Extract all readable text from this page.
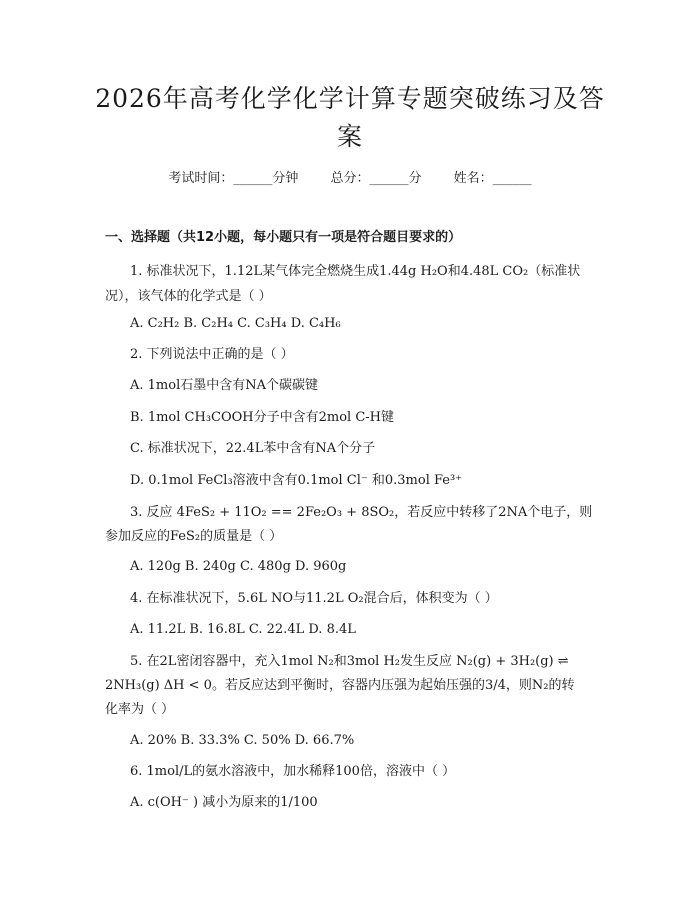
2026年高考化学化学计算专题突破练习及答
案
考试时间：______分钟 总分：______分 姓名：______
一、选择题（共12小题，每小题只有一项是符合题目要求的）
1. 标准状况下，1.12L某气体完全燃烧生成1.44g H₂O和4.48L CO₂（标准状
况），该气体的化学式是（ ）
A. C₂H₂ B. C₂H₄ C. C₃H₄ D. C₄H₆
2. 下列说法中正确的是（ ）
A. 1mol石墨中含有NA个碳碳键
B. 1mol CH₃COOH分子中含有2mol C-H键
C. 标准状况下，22.4L苯中含有NA个分子
D. 0.1mol FeCl₃溶液中含有0.1mol Cl⁻ 和0.3mol Fe³⁺
3. 反应 4FeS₂ + 11O₂ == 2Fe₂O₃ + 8SO₂，若反应中转移了2NA个电子，则
参加反应的FeS₂的质量是（ ）
A. 120g B. 240g C. 480g D. 960g
4. 在标准状况下，5.6L NO与11.2L O₂混合后，体积变为（ ）
A. 11.2L B. 16.8L C. 22.4L D. 8.4L
5. 在2L密闭容器中，充入1mol N₂和3mol H₂发生反应 N₂(g) + 3H₂(g) ⇌
2NH₃(g) ΔH < 0。若反应达到平衡时，容器内压强为起始压强的3/4，则N₂的转
化率为（ ）
A. 20% B. 33.3% C. 50% D. 66.7%
6. 1mol/L的氨水溶液中，加水稀释100倍，溶液中（ ）
A. c(OH⁻ ) 减小为原来的1/100
